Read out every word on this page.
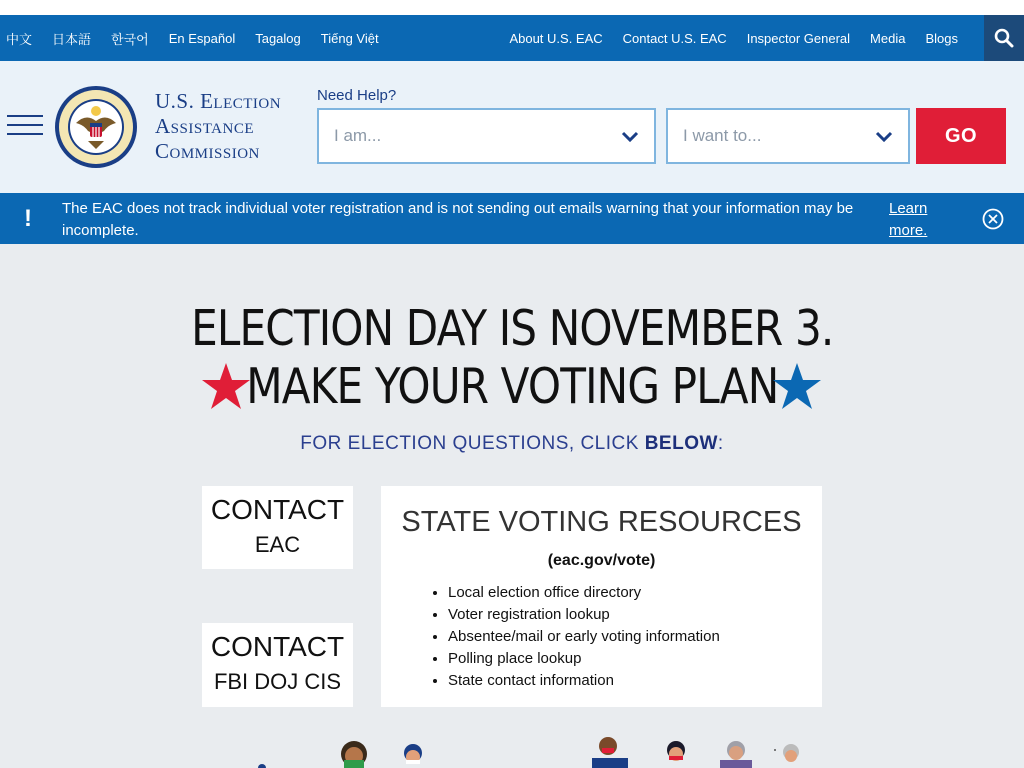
中文 日本語 한국어 En Español Tagalog Tiếng Việt	About U.S. EAC Contact U.S. EAC Inspector General Media Blogs
U.S. Election
Assistance
Commission
Need Help?
I am...	I want to...	GO
! The EAC does not track individual voter registration and is not sending out emails warning that your information may be incomplete.
Learn more.
ELECTION DAY IS NOVEMBER 3.
MAKE YOUR VOTING PLAN
FOR ELECTION QUESTIONS, CLICK BELOW:
CONTACT
EAC
CONTACT
FBI DOJ CIS
STATE VOTING RESOURCES
(eac.gov/vote)
• Local election office directory
• Voter registration lookup
• Absentee/mail or early voting information
• Polling place lookup
• State contact information
